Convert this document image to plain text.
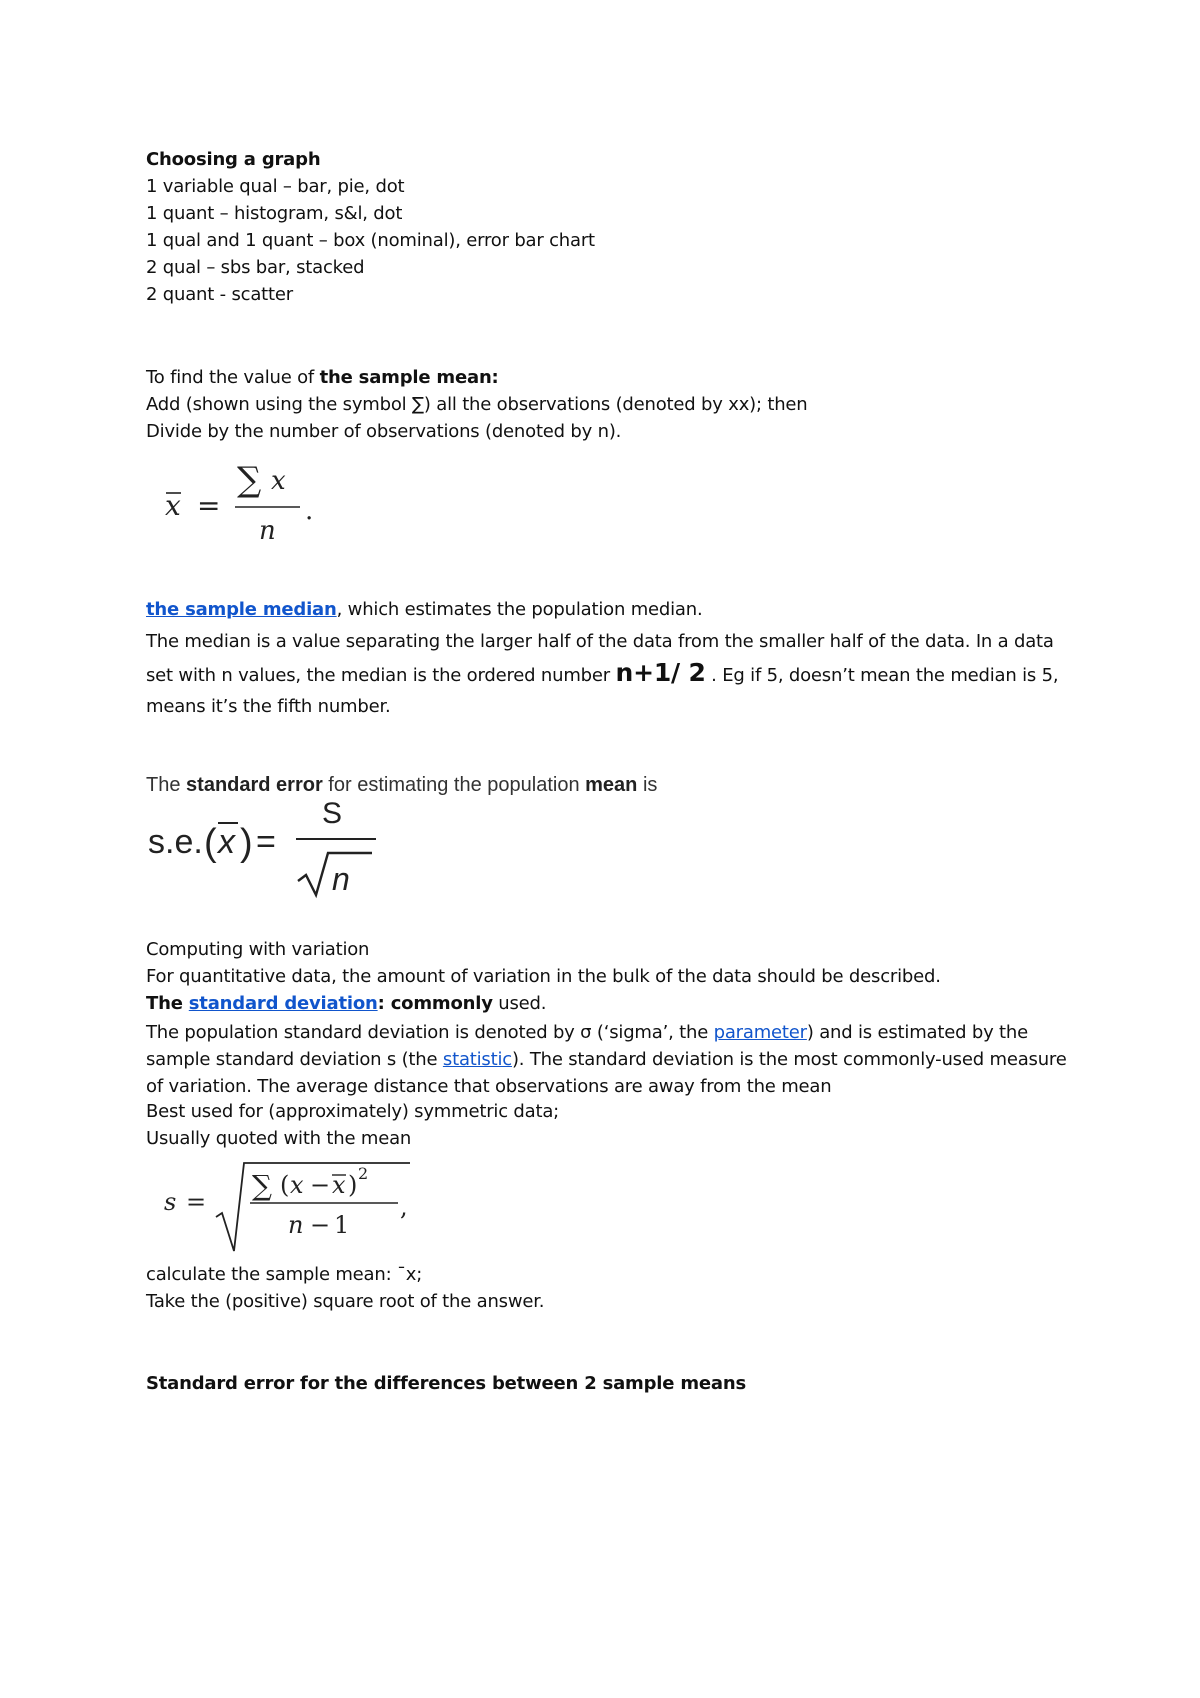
Choosing a graph
1 variable qual – bar, pie, dot
1 quant – histogram, s&l, dot
1 qual and 1 quant – box (nominal), error bar chart
2 qual – sbs bar, stacked
2 quant - scatter
To find the value of the sample mean:
Add (shown using the symbol ∑) all the observations (denoted by xx); then
Divide by the number of observations (denoted by n).
x =
∑ x
n
.
the sample median, which estimates the population median.
The median is a value separating the larger half of the data from the smaller half of the data. In a data set with n values, the median is the ordered number n+1/ 2 . Eg if 5, doesn’t mean the median is 5, means it’s the fifth number.
The standard error for estimating the population mean is
s.e. ( x ) =
S
n
Computing with variation
For quantitative data, the amount of variation in the bulk of the data should be described.
The standard deviation: commonly used.
The population standard deviation is denoted by σ (‘sigma’, the parameter) and is estimated by the sample standard deviation s (the statistic). The standard deviation is the most commonly-used measure of variation. The average distance that observations are away from the mean
Best used for (approximately) symmetric data;
Usually quoted with the mean
s = ∑ ( x − x ) 2
n − 1
,
calculate the sample mean: ¯x;
Take the (positive) square root of the answer.
Standard error for the differences between 2 sample means
